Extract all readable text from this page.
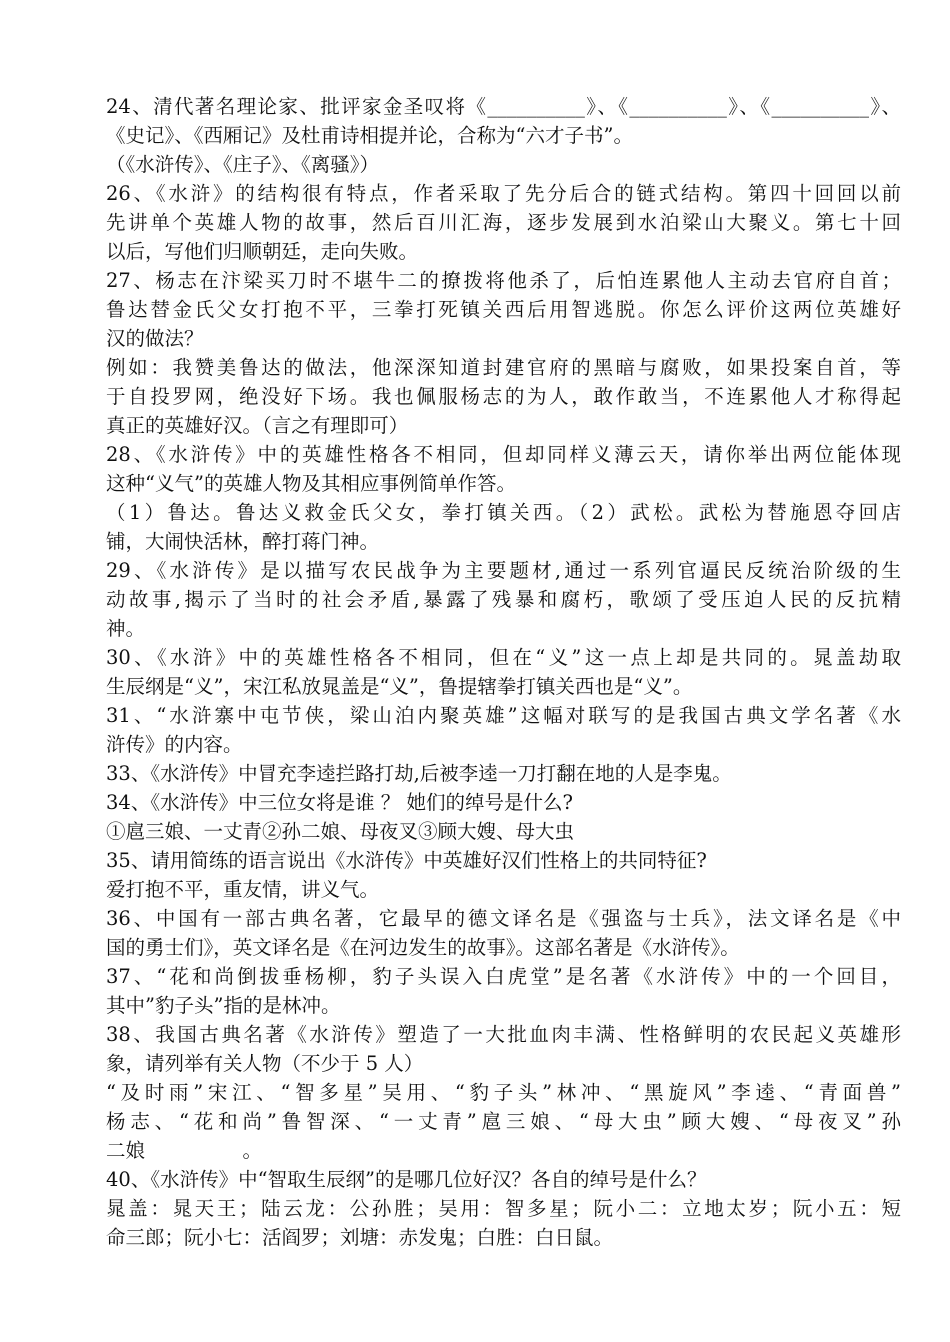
24、清代著名理论家、批评家金圣叹将《__________》、《__________》、《__________》、
《史记》、《西厢记》及杜甫诗相提并论，合称为“六才子书”。
（《水浒传》、《庄子》、《离骚》）
26、《水浒》的结构很有特点，作者采取了先分后合的链式结构。第四十回回以前
先讲单个英雄人物的故事，然后百川汇海，逐步发展到水泊梁山大聚义。第七十回
以后，写他们归顺朝廷，走向失败。
27、杨志在汴梁买刀时不堪牛二的撩拨将他杀了，后怕连累他人主动去官府自首；
鲁达替金氏父女打抱不平，三拳打死镇关西后用智逃脱。你怎么评价这两位英雄好
汉的做法？
例如：我赞美鲁达的做法，他深深知道封建官府的黑暗与腐败，如果投案自首，等
于自投罗网，绝没好下场。我也佩服杨志的为人，敢作敢当，不连累他人才称得起
真正的英雄好汉。（言之有理即可）
28、《水浒传》中的英雄性格各不相同，但却同样义薄云天，请你举出两位能体现
这种“义气”的英雄人物及其相应事例简单作答。
（1）鲁达。鲁达义救金氏父女，拳打镇关西。（2）武松。武松为替施恩夺回店
铺，大闹快活林，醉打蒋门神。
29、《水浒传》是以描写农民战争为主要题材,通过一系列官逼民反统治阶级的生
动故事,揭示了当时的社会矛盾,暴露了残暴和腐朽，歌颂了受压迫人民的反抗精
神。
30、《水浒》中的英雄性格各不相同，但在“义”这一点上却是共同的。晁盖劫取
生辰纲是“义”，宋江私放晁盖是“义”，鲁提辖拳打镇关西也是“义”。
31、“水浒寨中屯节侠，梁山泊内聚英雄”这幅对联写的是我国古典文学名著《水
浒传》的内容。
33、《水浒传》中冒充李逵拦路打劫,后被李逵一刀打翻在地的人是李鬼。
34、《水浒传》中三位女将是谁 ？ 她们的绰号是什么?
①扈三娘、一丈青②孙二娘、母夜叉③顾大嫂、母大虫
35、请用简练的语言说出《水浒传》中英雄好汉们性格上的共同特征?
爱打抱不平，重友情，讲义气。
36、中国有一部古典名著，它最早的德文译名是《强盗与士兵》，法文译名是《中
国的勇士们》，英文译名是《在河边发生的故事》。这部名著是《水浒传》。
37、“花和尚倒拔垂杨柳，豹子头误入白虎堂”是名著《水浒传》中的一个回目，
其中”豹子头”指的是林冲。
38、我国古典名著《水浒传》塑造了一大批血肉丰满、性格鲜明的农民起义英雄形
象，请列举有关人物（不少于 5 人）
“及时雨”宋江、“智多星”吴用、“豹子头”林冲、“黑旋风”李逵、“青面兽”
杨志、“花和尚”鲁智深、“一丈青”扈三娘、“母大虫”顾大嫂、“母夜叉”孙
二娘　　　　　。
40、《水浒传》中“智取生辰纲”的是哪几位好汉？各自的绰号是什么？
晁盖：晁天王；陆云龙：公孙胜；吴用：智多星；阮小二：立地太岁；阮小五：短
命三郎；阮小七：活阎罗；刘塘：赤发鬼；白胜：白日鼠。
